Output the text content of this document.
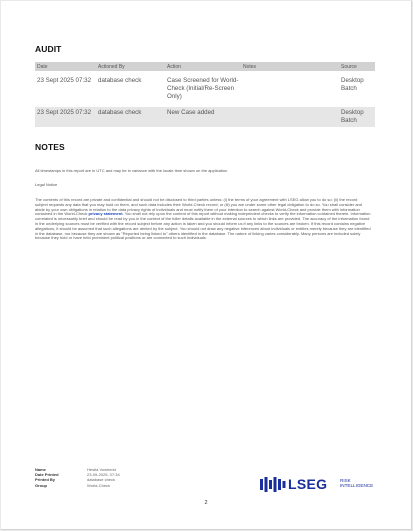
AUDIT
Date	Actioned By	Action	Notes	Source

23 Sept 2025 07:32	database check	Case Screened for World-Check (Initial/Re-Screen Only)		Desktop Batch

23 Sept 2025 07:32	database check	New Case added		Desktop Batch
NOTES
All timestamps in this report are in UTC and may be in variance with the locale time shown on the application
Legal Notice
The contents of this record are private and confidential and should not be disclosed to third parties unless: (i) the terms of your agreement with LSEG allow you to do so; (ii) the record subject requests any data that you may hold on them, and such data includes their World-Check record; or (iii) you are under some other legal obligation to do so. You shall consider and abide by your own obligations in relation to the data privacy rights of individuals and must notify them of your intention to search against World-Check and provide them with information contained in the World-Check privacy statement. You shall not rely upon the content of this report without making independent checks to verify the information contained therein. Information correlated is necessarily brief and should be read by you in the context of the fuller details available in the external sources to which links are provided. The accuracy of the information found in the underlying sources must be verified with the record subject before any action is taken and you should inform us if any links to the sources are broken. If this record contains negative allegations, it should be assumed that such allegations are denied by the subject. You should not draw any negative inferences about individuals or entities merely because they are identified in the database, nor because they are shown as "Reported being linked to" others identified in the database. The nature of linking varies considerably. Many persons are included solely because they hold or have held prominent political positions or are connected to such individuals.
Name	Hestia Vowherst
Date Printed	23-09-2025, 07:34
Printed By	database check
Group	World-Check	LSEG	RISK
INTELLIGENCE
2
